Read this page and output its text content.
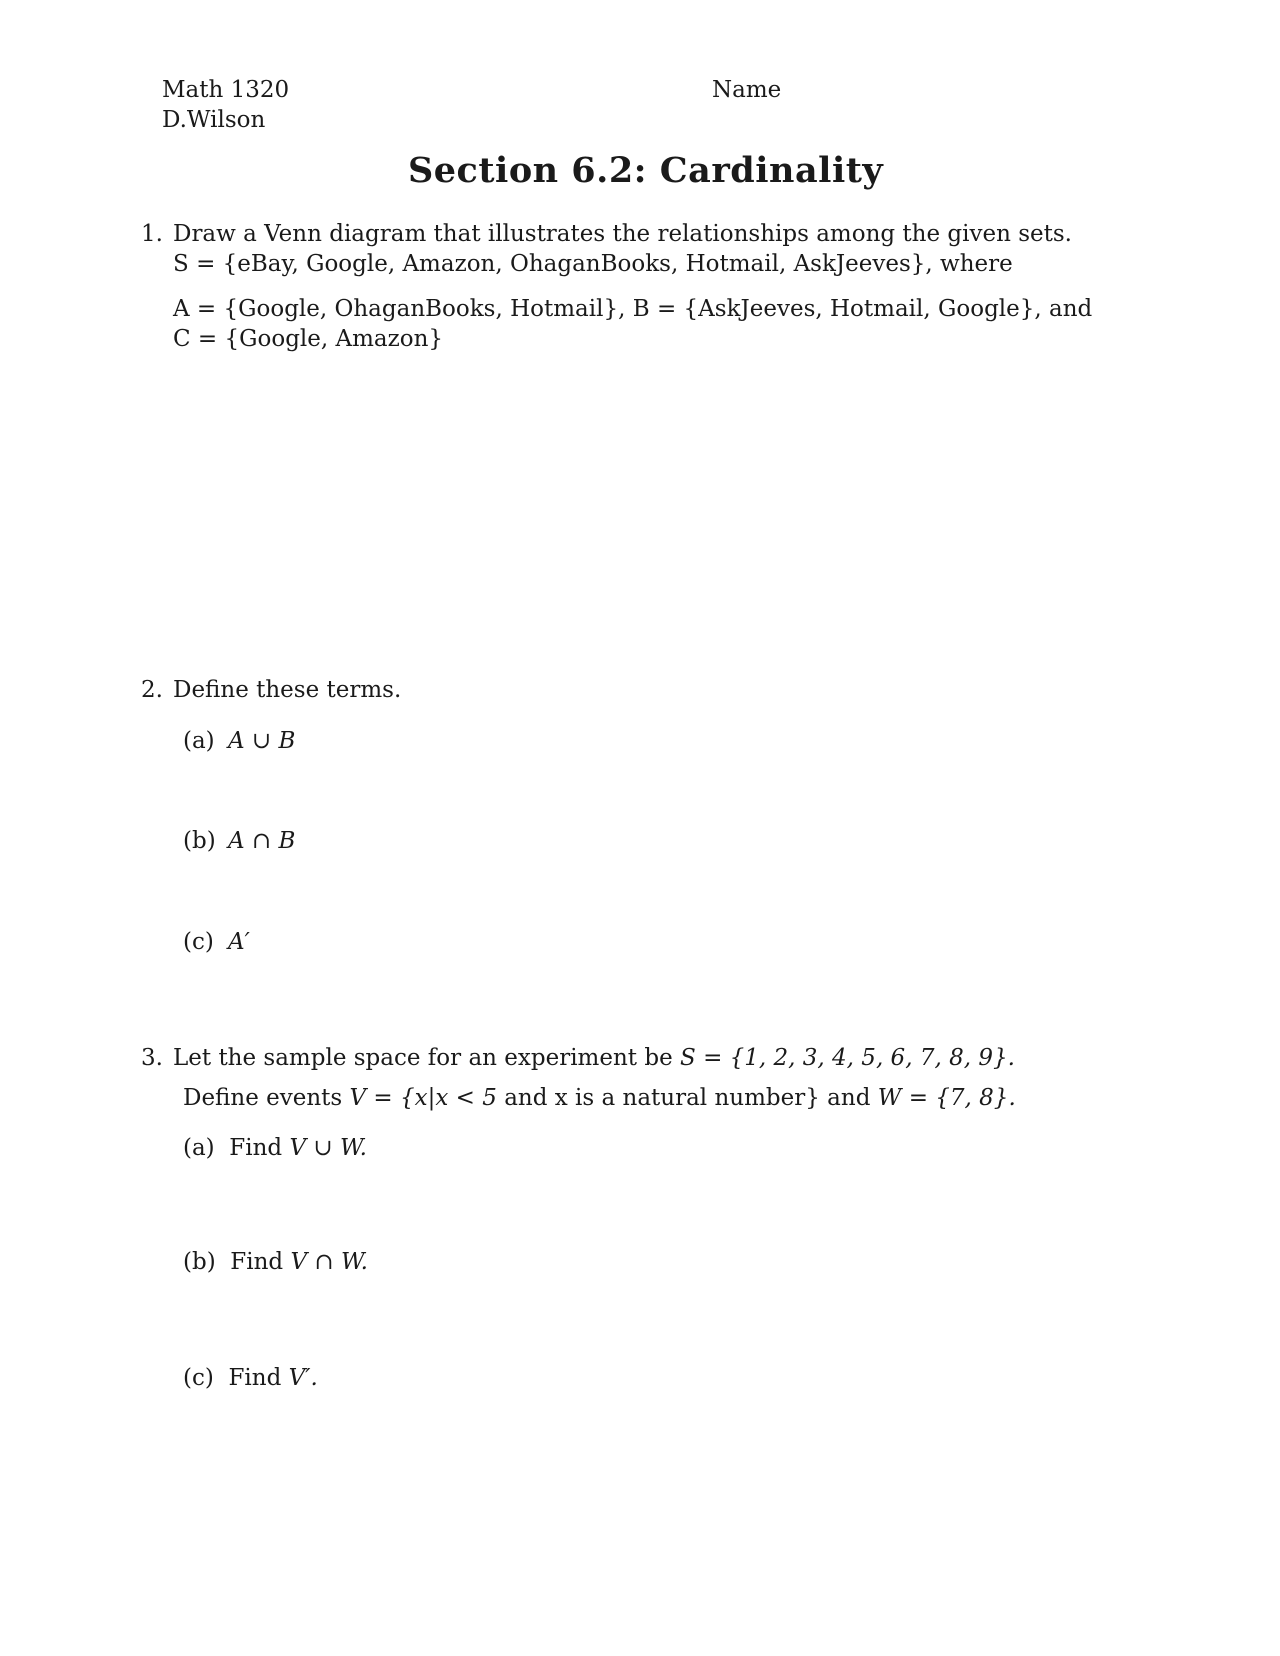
Math 1320
D.Wilson
Name
Section 6.2: Cardinality
1. Draw a Venn diagram that illustrates the relationships among the given sets.
S = {eBay, Google, Amazon, OhaganBooks, Hotmail, AskJeeves}, where
A = {Google, OhaganBooks, Hotmail}, B = {AskJeeves, Hotmail, Google}, and
C = {Google, Amazon}
2. Define these terms.
(a) A ∪ B
(b) A ∩ B
(c) A′
3. Let the sample space for an experiment be S = {1, 2, 3, 4, 5, 6, 7, 8, 9}.
Define events V = {x|x < 5 and x is a natural number} and W = {7, 8}.
(a) Find V ∪ W.
(b) Find V ∩ W.
(c) Find V′.
